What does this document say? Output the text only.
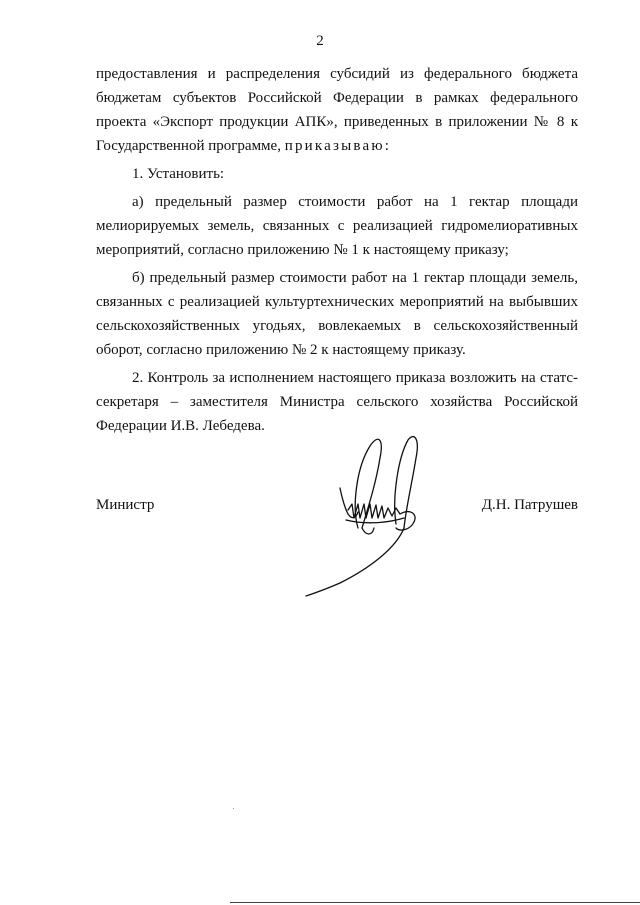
2

предоставления и распределения субсидий из федерального бюджета бюджетам субъектов Российской Федерации в рамках федерального проекта «Экспорт продукции АПК», приведенных в приложении № 8 к Государственной программе, приказываю:

1. Установить:

а) предельный размер стоимости работ на 1 гектар площади мелиорируемых земель, связанных с реализацией гидромелиоративных мероприятий, согласно приложению № 1 к настоящему приказу;

б) предельный размер стоимости работ на 1 гектар площади земель, связанных с реализацией культуртехнических мероприятий на выбывших сельскохозяйственных угодьях, вовлекаемых в сельскохозяйственный оборот, согласно приложению № 2 к настоящему приказу.

2. Контроль за исполнением настоящего приказа возложить на статс-секретаря – заместителя Министра сельского хозяйства Российской Федерации И.В. Лебедева.

Министр	Д.Н. Патрушев
